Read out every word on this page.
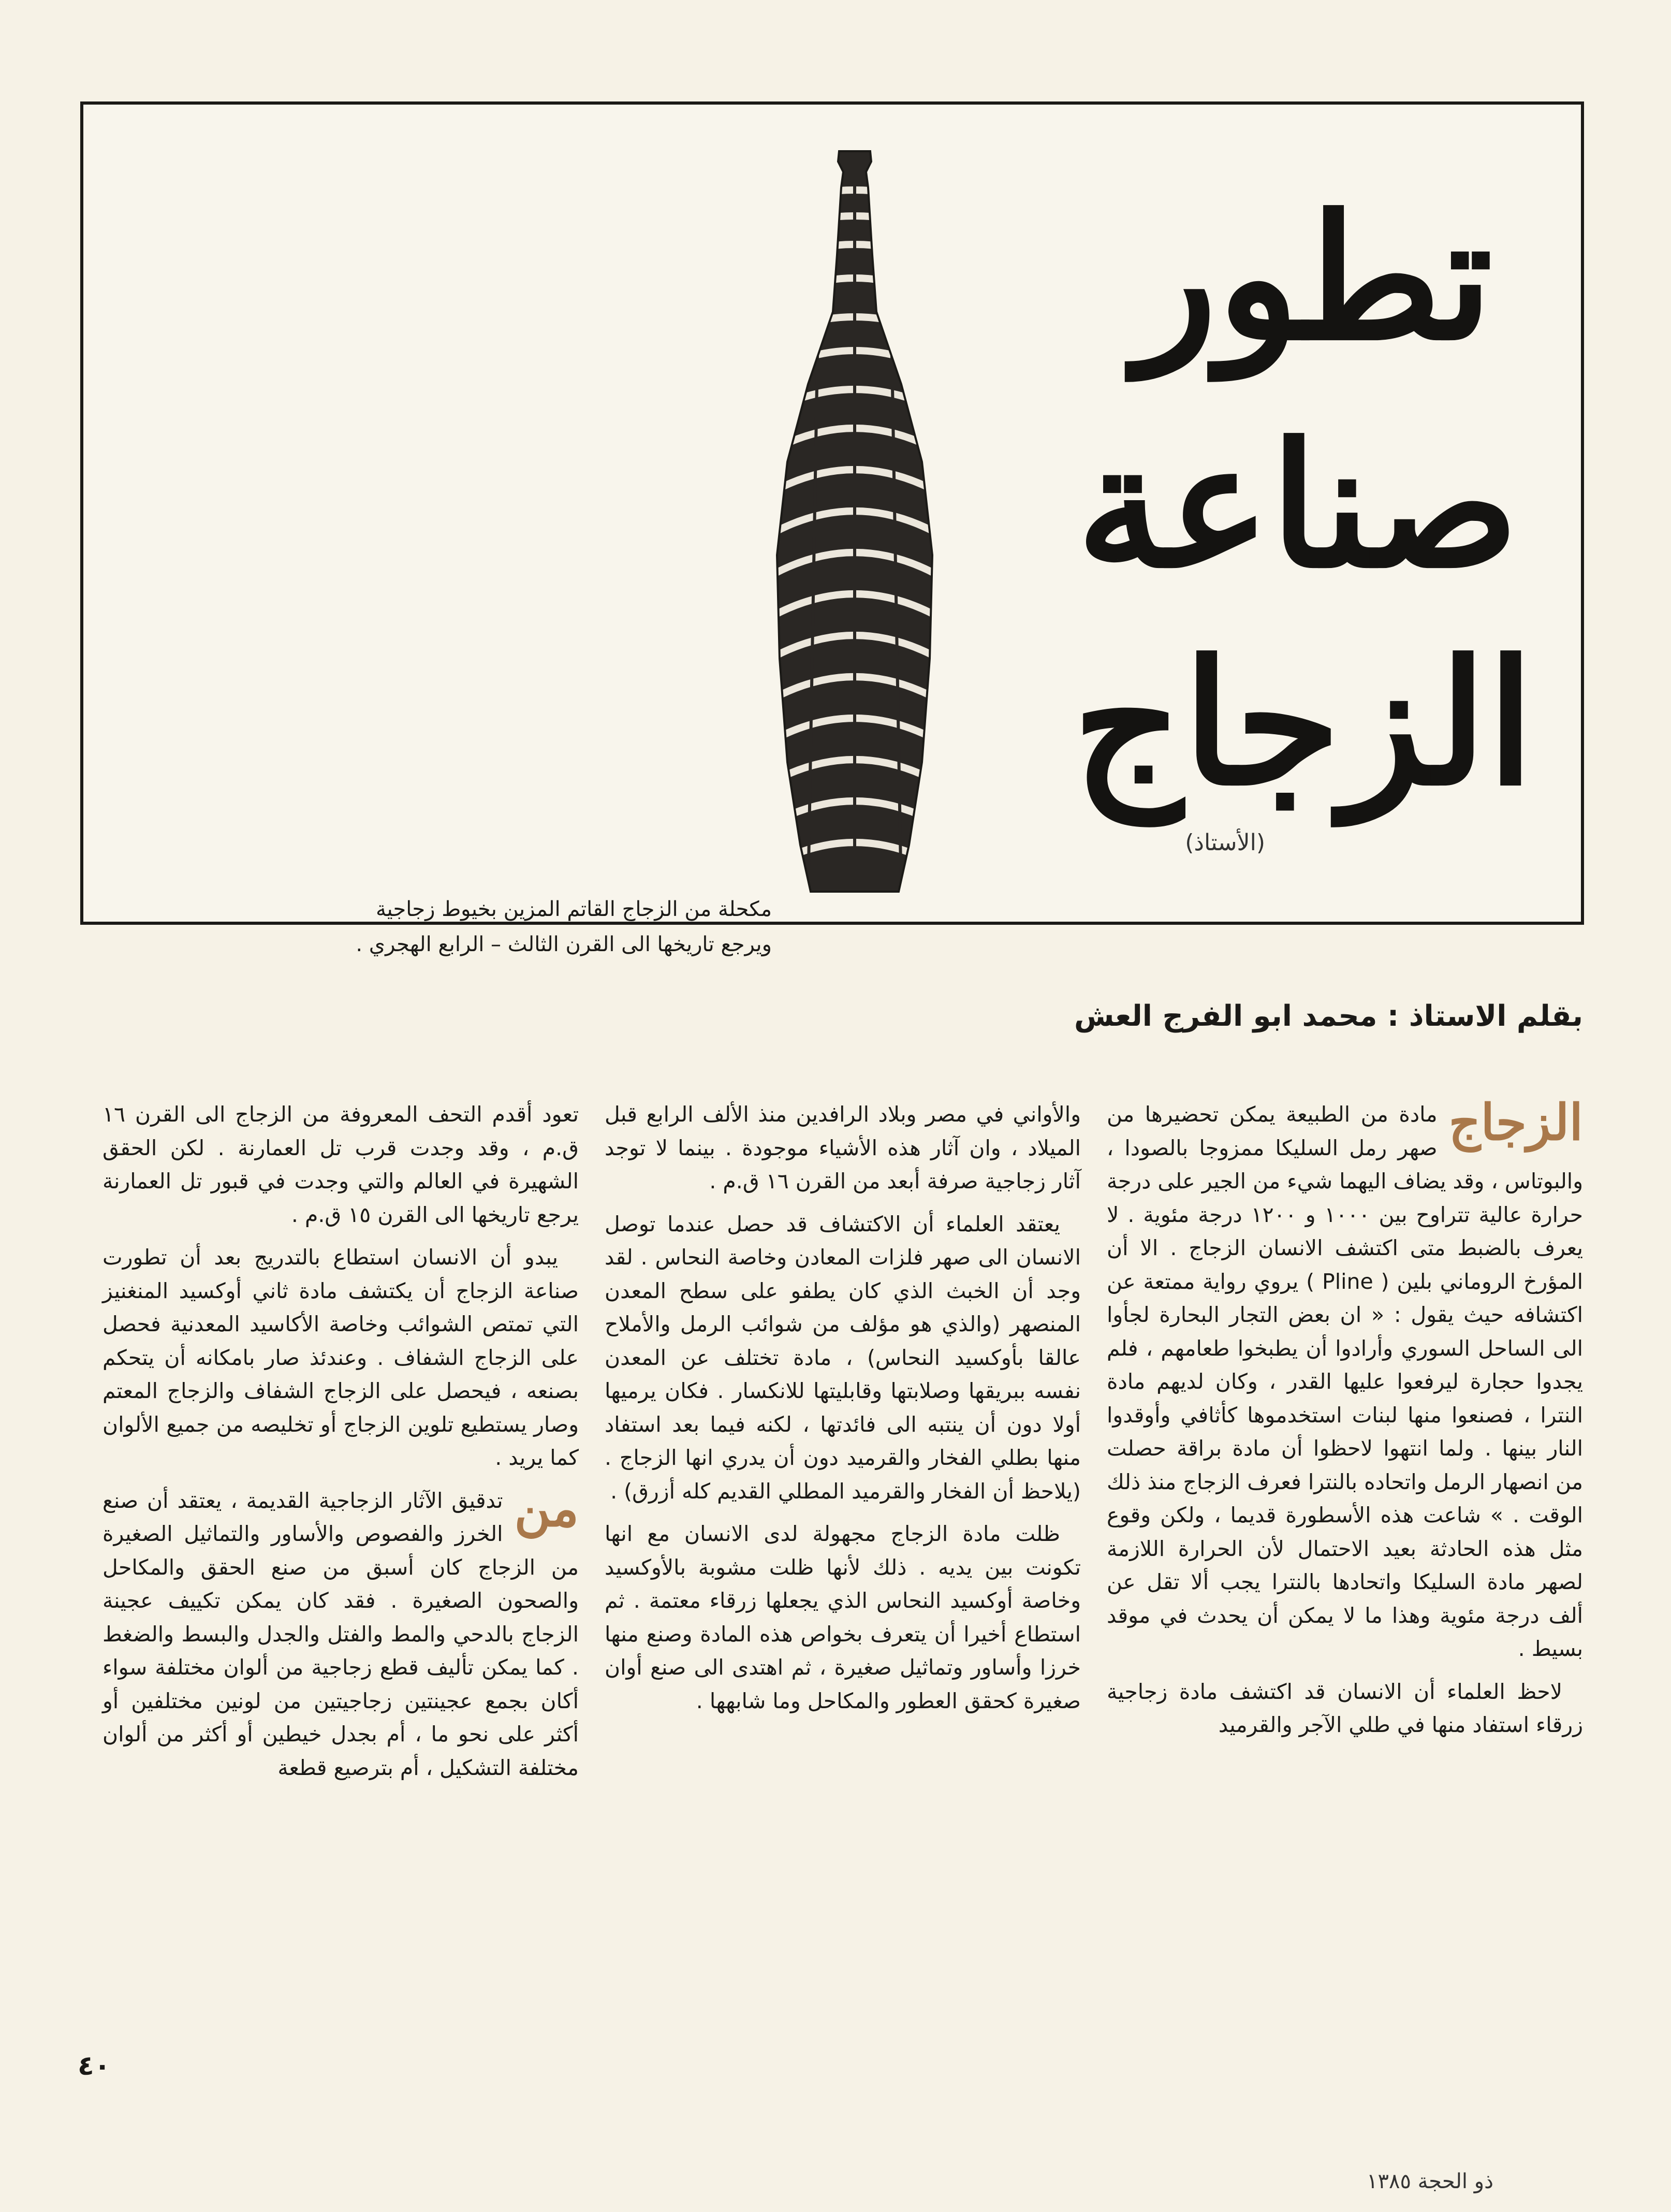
تطور
صناعة
الزجاج
(الأستاذ)
مكحلة من الزجاج القاتم المزين بخيوط زجاجية
ويرجع تاريخها الى القرن الثالث – الرابع الهجري .
بقلم الاستاذ : محمد ابو الفرج العش

الزجاج
مادة من الطبيعة يمكن تحضيرها من صهر رمل السليكا ممزوجا بالصودا ، والبوتاس ، وقد يضاف اليهما شيء من الجير على درجة حرارة عالية تتراوح بين ١٠٠٠ و ١٢٠٠ درجة مئوية . لا يعرف بالضبط متى اكتشف الانسان الزجاج . الا أن المؤرخ الروماني بلين ( Pline ) يروي رواية ممتعة عن اكتشافه حيث يقول : « ان بعض التجار البحارة لجأوا الى الساحل السوري وأرادوا أن يطبخوا طعامهم ، فلم يجدوا حجارة ليرفعوا عليها القدر ، وكان لديهم مادة النترا ، فصنعوا منها لبنات استخدموها كأثافي وأوقدوا النار بينها . ولما انتهوا لاحظوا أن مادة براقة حصلت من انصهار الرمل واتحاده بالنترا فعرف الزجاج منذ ذلك الوقت . » شاعت هذه الأسطورة قديما ، ولكن وقوع مثل هذه الحادثة بعيد الاحتمال لأن الحرارة اللازمة لصهر مادة السليكا واتحادها بالنترا يجب ألا تقل عن ألف درجة مئوية وهذا ما لا يمكن أن يحدث في موقد بسيط .

لاحظ العلماء أن الانسان قد اكتشف مادة زجاجية زرقاء استفاد منها في طلي الآجر والقرميد

والأواني في مصر وبلاد الرافدين منذ الألف الرابع قبل الميلاد ، وان آثار هذه الأشياء موجودة . بينما لا توجد آثار زجاجية صرفة أبعد من القرن ١٦ ق.م .

يعتقد العلماء أن الاكتشاف قد حصل عندما توصل الانسان الى صهر فلزات المعادن وخاصة النحاس . لقد وجد أن الخبث الذي كان يطفو على سطح المعدن المنصهر (والذي هو مؤلف من شوائب الرمل والأملاح عالقا بأوكسيد النحاس) ، مادة تختلف عن المعدن نفسه ببريقها وصلابتها وقابليتها للانكسار . فكان يرميها أولا دون أن ينتبه الى فائدتها ، لكنه فيما بعد استفاد منها بطلي الفخار والقرميد دون أن يدري انها الزجاج . (يلاحظ أن الفخار والقرميد المطلي القديم كله أزرق) .

ظلت مادة الزجاج مجهولة لدى الانسان مع انها تكونت بين يديه . ذلك لأنها ظلت مشوبة بالأوكسيد وخاصة أوكسيد النحاس الذي يجعلها زرقاء معتمة . ثم استطاع أخيرا أن يتعرف بخواص هذه المادة وصنع منها خرزا وأساور وتماثيل صغيرة ، ثم اهتدى الى صنع أوان صغيرة كحقق العطور والمكاحل وما شابهها .

تعود أقدم التحف المعروفة من الزجاج الى القرن ١٦ ق.م ، وقد وجدت قرب تل العمارنة . لكن الحقق الشهيرة في العالم والتي وجدت في قبور تل العمارنة يرجع تاريخها الى القرن ١٥ ق.م .

يبدو أن الانسان استطاع بالتدريج بعد أن تطورت صناعة الزجاج أن يكتشف مادة ثاني أوكسيد المنغنيز التي تمتص الشوائب وخاصة الأكاسيد المعدنية فحصل على الزجاج الشفاف . وعندئذ صار بامكانه أن يتحكم بصنعه ، فيحصل على الزجاج الشفاف والزجاج المعتم وصار يستطيع تلوين الزجاج أو تخليصه من جميع الألوان كما يريد .

من
تدقيق الآثار الزجاجية القديمة ، يعتقد أن صنع الخرز والفصوص والأساور والتماثيل الصغيرة من الزجاج كان أسبق من صنع الحقق والمكاحل والصحون الصغيرة . فقد كان يمكن تكييف عجينة الزجاج بالدحي والمط والفتل والجدل والبسط والضغط . كما يمكن تأليف قطع زجاجية من ألوان مختلفة سواء أكان بجمع عجينتين زجاجيتين من لونين مختلفين أو أكثر على نحو ما ، أم بجدل خيطين أو أكثر من ألوان مختلفة التشكيل ، أم بترصيع قطعة

٤٠
ذو الحجة ١٣٨٥
